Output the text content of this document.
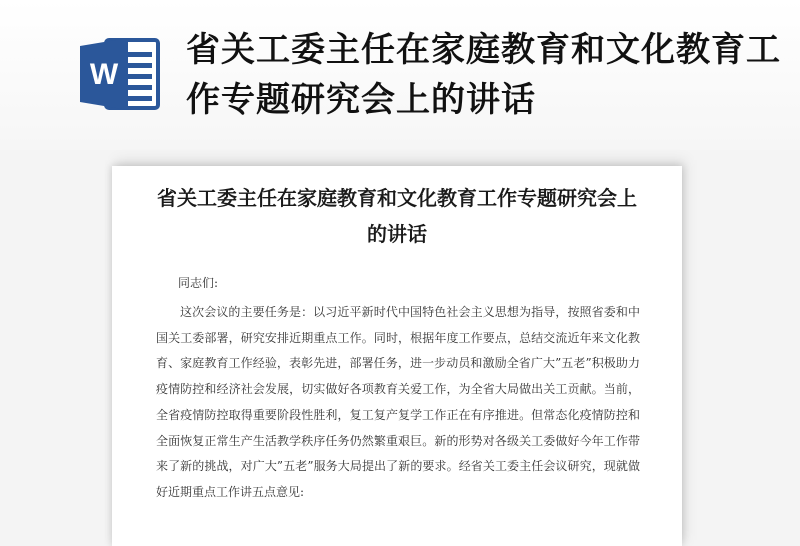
W
省关工委主任在家庭教育和文化教育工作专题研究会上的讲话
省关工委主任在家庭教育和文化教育工作专题研究会上的讲话
同志们:

这次会议的主要任务是：以习近平新时代中国特色社会主义思想为指导，按照省委和中国关工委部署，研究安排近期重点工作。同时，根据年度工作要点，总结交流近年来文化教育、家庭教育工作经验，表彰先进，部署任务，进一步动员和激励全省广大”五老”积极助力疫情防控和经济社会发展，切实做好各项教育关爱工作，为全省大局做出关工贡献。当前，全省疫情防控取得重要阶段性胜利，复工复产复学工作正在有序推进。但常态化疫情防控和全面恢复正常生产生活教学秩序任务仍然繁重艰巨。新的形势对各级关工委做好今年工作带来了新的挑战，对广大”五老”服务大局提出了新的要求。经省关工委主任会议研究，现就做好近期重点工作讲五点意见:
